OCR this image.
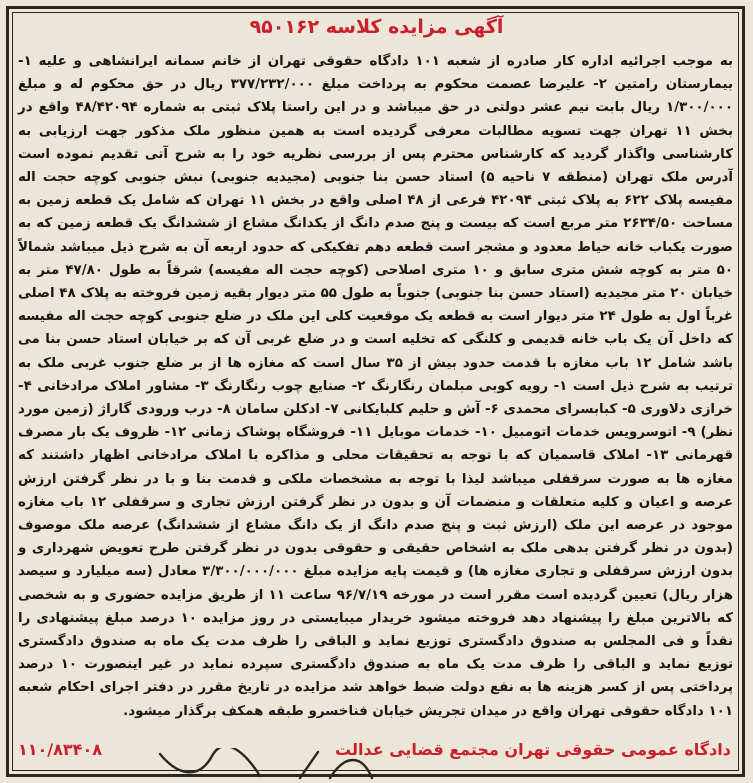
آگهی مزایده کلاسه ۹۵۰۱۶۲
به موجب اجرائیه اداره کار صادره از شعبه ۱۰۱ دادگاه حقوقی تهران از خانم سمانه ایرانشاهی و علیه ۱- بیمارستان رامتین ۲- علیرضا عصمت محکوم به پرداخت مبلغ ۳۷۷/۲۳۲/۰۰۰ ریال در حق محکوم له و مبلغ ۱/۳۰۰/۰۰۰ ریال بابت نیم عشر دولتی در حق میباشد و در این راستا پلاک ثبتی به شماره ۴۸/۴۲۰۹۴ واقع در بخش ۱۱ تهران جهت تسویه مطالبات معرفی گردیده است به همین منظور ملک مذکور جهت ارزیابی به کارشناسی واگذار گردید که کارشناس محترم پس از بررسی نظریه خود را به شرح آتی تقدیم نموده است آدرس ملک تهران (منطقه ۷ ناحیه ۵) استاد حسن بنا جنوبی (مجیدیه جنوبی) نبش جنوبی کوچه حجت اله مفیسه پلاک ۶۲۲ به پلاک ثبتی ۴۲۰۹۴ فرعی از ۴۸ اصلی واقع در بخش ۱۱ تهران که شامل یک قطعه زمین به مساحت ۲۶۳۴/۵۰ متر مربع است که بیست و پنج صدم دانگ از یکدانگ مشاع از ششدانگ یک قطعه زمین که به صورت یکباب خانه حیاط معدود و مشجر است قطعه دهم تفکیکی که حدود اربعه آن به شرح ذیل میباشد شمالاً ۵۰ متر به کوچه شش متری سابق و ۱۰ متری اصلاحی (کوچه حجت اله مفیسه) شرقاً به طول ۴۷/۸۰ متر به خیابان ۲۰ متر مجیدیه (استاد حسن بنا جنوبی) جنوباً به طول ۵۵ متر دیوار بقیه زمین فروخته به پلاک ۴۸ اصلی غرباً اول به طول ۲۴ متر دیوار است به قطعه یک موقعیت کلی این ملک در ضلع جنوبی کوچه حجت اله مفیسه که داخل آن یک باب خانه قدیمی و کلنگی که تخلیه است و در ضلع غربی آن که بر خیابان استاد حسن بنا می باشد شامل ۱۲ باب مغازه با قدمت حدود بیش از ۳۵ سال است که مغازه ها از بر ضلع جنوب غربی ملک به ترتیب به شرح ذیل است ۱- رویه کوبی مبلمان رنگارنگ ۲- صنایع چوب رنگارنگ ۳- مشاور املاک مرادخانی ۴- خرازی دلاوری ۵- کبابسرای محمدی ۶- آش و حلیم کلبایکانی ۷- ادکلن سامان ۸- درب ورودی گاراژ (زمین مورد نظر) ۹- اتوسرویس خدمات اتومبیل ۱۰- خدمات موبایل ۱۱- فروشگاه پوشاک زمانی ۱۲- ظروف یک بار مصرف قهرمانی ۱۳- املاک قاسمیان که با توجه به تحقیقات محلی و مذاکره با املاک مرادخانی اظهار داشتند که مغازه ها به صورت سرقفلی میباشد لیذا با توجه به مشخصات ملکی و قدمت بنا و با در نظر گرفتن ارزش عرصه و اعیان و کلیه متعلقات و منضمات آن و بدون در نظر گرفتن ارزش تجاری و سرقفلی ۱۲ باب مغازه موجود در عرصه این ملک (ارزش ثبت و پنج صدم دانگ از یک دانگ مشاع از ششدانگ) عرصه ملک موصوف (بدون در نظر گرفتن بدهی ملک به اشخاص حقیقی و حقوقی بدون در نظر گرفتن طرح تعویض شهرداری و بدون ارزش سرقفلی و تجاری مغازه ها) و قیمت پایه مزایده مبلغ ۳/۳۰۰/۰۰۰/۰۰۰ معادل (سه میلیارد و سیصد هزار ریال) تعیین گردیده است مقرر است در مورخه ۹۶/۷/۱۹ ساعت ۱۱ از طریق مزایده حضوری و به شخصی که بالاترین مبلغ را پیشنهاد دهد فروخته میشود خریدار میبایستی در روز مزایده ۱۰ درصد مبلغ پیشنهادی را نقداً و فی المجلس به صندوق دادگستری توزیع نماید و الباقی را ظرف مدت یک ماه به صندوق دادگستری توزیع نماید و الباقی را ظرف مدت یک ماه به صندوق دادگستری سپرده نماید در غیر اینصورت ۱۰ درصد پرداختی پس از کسر هزینه ها به نفع دولت ضبط خواهد شد مزایده در تاریخ مقرر در دفتر اجرای احکام شعبه ۱۰۱ دادگاه حقوقی تهران واقع در میدان تجریش خیابان فناخسرو طبقه همکف برگذار میشود.
دادگاه عمومی حقوقی تهران مجتمع قضایی عدالت
۱۱۰/۸۳۴۰۸
